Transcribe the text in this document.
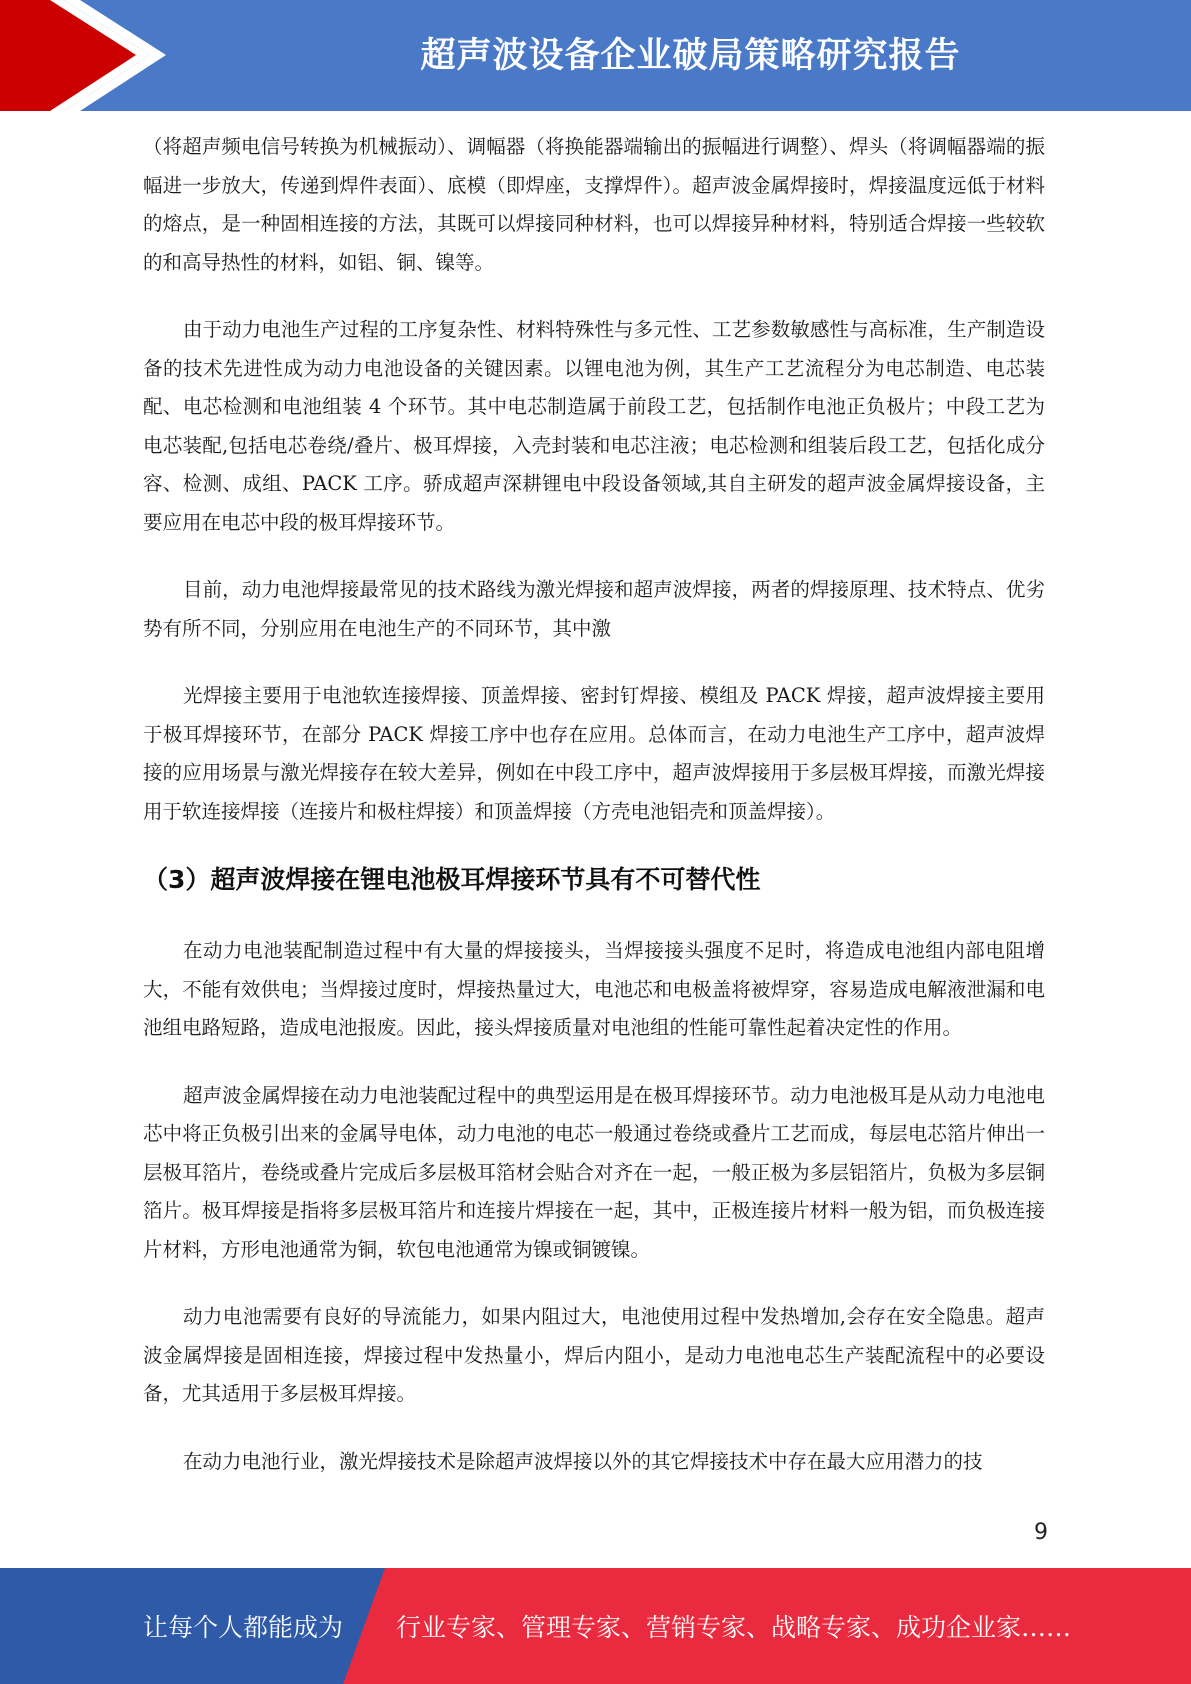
超声波设备企业破局策略研究报告

（将超声频电信号转换为机械振动）、调幅器（将换能器端输出的振幅进行调整）、焊头（将调幅器端的振幅进一步放大，传递到焊件表面）、底模（即焊座，支撑焊件）。超声波金属焊接时，焊接温度远低于材料的熔点，是一种固相连接的方法，其既可以焊接同种材料，也可以焊接异种材料，特别适合焊接一些较软的和高导热性的材料，如铝、铜、镍等。

由于动力电池生产过程的工序复杂性、材料特殊性与多元性、工艺参数敏感性与高标准，生产制造设备的技术先进性成为动力电池设备的关键因素。以锂电池为例，其生产工艺流程分为电芯制造、电芯装配、电芯检测和电池组装 4 个环节。其中电芯制造属于前段工艺，包括制作电池正负极片；中段工艺为电芯装配,包括电芯卷绕/叠片、极耳焊接，入壳封装和电芯注液；电芯检测和组装后段工艺，包括化成分容、检测、成组、PACK 工序。骄成超声深耕锂电中段设备领域,其自主研发的超声波金属焊接设备，主要应用在电芯中段的极耳焊接环节。

目前，动力电池焊接最常见的技术路线为激光焊接和超声波焊接，两者的焊接原理、技术特点、优劣势有所不同，分别应用在电池生产的不同环节，其中激

光焊接主要用于电池软连接焊接、顶盖焊接、密封钉焊接、模组及 PACK 焊接，超声波焊接主要用于极耳焊接环节，在部分 PACK 焊接工序中也存在应用。总体而言，在动力电池生产工序中，超声波焊接的应用场景与激光焊接存在较大差异，例如在中段工序中，超声波焊接用于多层极耳焊接，而激光焊接用于软连接焊接（连接片和极柱焊接）和顶盖焊接（方壳电池铝壳和顶盖焊接）。

（3）超声波焊接在锂电池极耳焊接环节具有不可替代性

在动力电池装配制造过程中有大量的焊接接头，当焊接接头强度不足时，将造成电池组内部电阻增大，不能有效供电；当焊接过度时，焊接热量过大，电池芯和电极盖将被焊穿，容易造成电解液泄漏和电池组电路短路，造成电池报废。因此，接头焊接质量对电池组的性能可靠性起着决定性的作用。

超声波金属焊接在动力电池装配过程中的典型运用是在极耳焊接环节。动力电池极耳是从动力电池电芯中将正负极引出来的金属导电体，动力电池的电芯一般通过卷绕或叠片工艺而成，每层电芯箔片伸出一层极耳箔片，卷绕或叠片完成后多层极耳箔材会贴合对齐在一起，一般正极为多层铝箔片，负极为多层铜箔片。极耳焊接是指将多层极耳箔片和连接片焊接在一起，其中，正极连接片材料一般为铝，而负极连接片材料，方形电池通常为铜，软包电池通常为镍或铜镀镍。

动力电池需要有良好的导流能力，如果内阻过大，电池使用过程中发热增加,会存在安全隐患。超声波金属焊接是固相连接，焊接过程中发热量小，焊后内阻小，是动力电池电芯生产装配流程中的必要设备，尤其适用于多层极耳焊接。

在动力电池行业，激光焊接技术是除超声波焊接以外的其它焊接技术中存在最大应用潜力的技

9
让每个人都能成为 行业专家、管理专家、营销专家、战略专家、成功企业家……
